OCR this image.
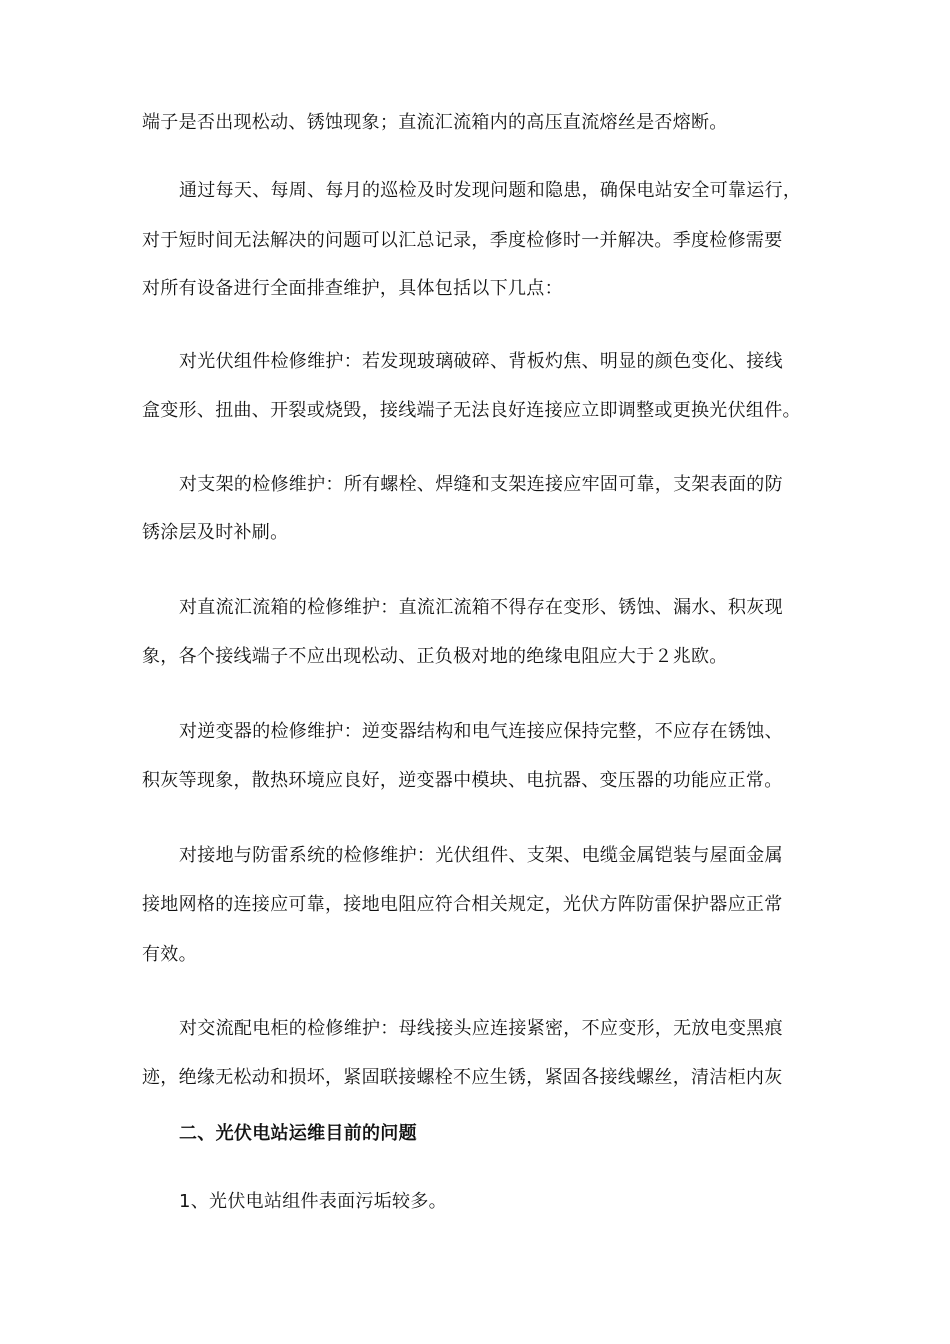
端子是否出现松动、锈蚀现象；直流汇流箱内的高压直流熔丝是否熔断。
通过每天、每周、每月的巡检及时发现问题和隐患，确保电站安全可靠运行，
对于短时间无法解决的问题可以汇总记录，季度检修时一并解决。季度检修需要
对所有设备进行全面排查维护，具体包括以下几点：
对光伏组件检修维护：若发现玻璃破碎、背板灼焦、明显的颜色变化、接线
盒变形、扭曲、开裂或烧毁，接线端子无法良好连接应立即调整或更换光伏组件。
对支架的检修维护：所有螺栓、焊缝和支架连接应牢固可靠，支架表面的防
锈涂层及时补刷。
对直流汇流箱的检修维护：直流汇流箱不得存在变形、锈蚀、漏水、积灰现
象，各个接线端子不应出现松动、正负极对地的绝缘电阻应大于２兆欧。
对逆变器的检修维护：逆变器结构和电气连接应保持完整，不应存在锈蚀、
积灰等现象，散热环境应良好，逆变器中模块、电抗器、变压器的功能应正常。
对接地与防雷系统的检修维护：光伏组件、支架、电缆金属铠装与屋面金属
接地网格的连接应可靠，接地电阻应符合相关规定，光伏方阵防雷保护器应正常
有效。
对交流配电柜的检修维护：母线接头应连接紧密，不应变形，无放电变黑痕
迹，绝缘无松动和损坏，紧固联接螺栓不应生锈，紧固各接线螺丝，清洁柜内灰
二、光伏电站运维目前的问题
1、光伏电站组件表面污垢较多。
